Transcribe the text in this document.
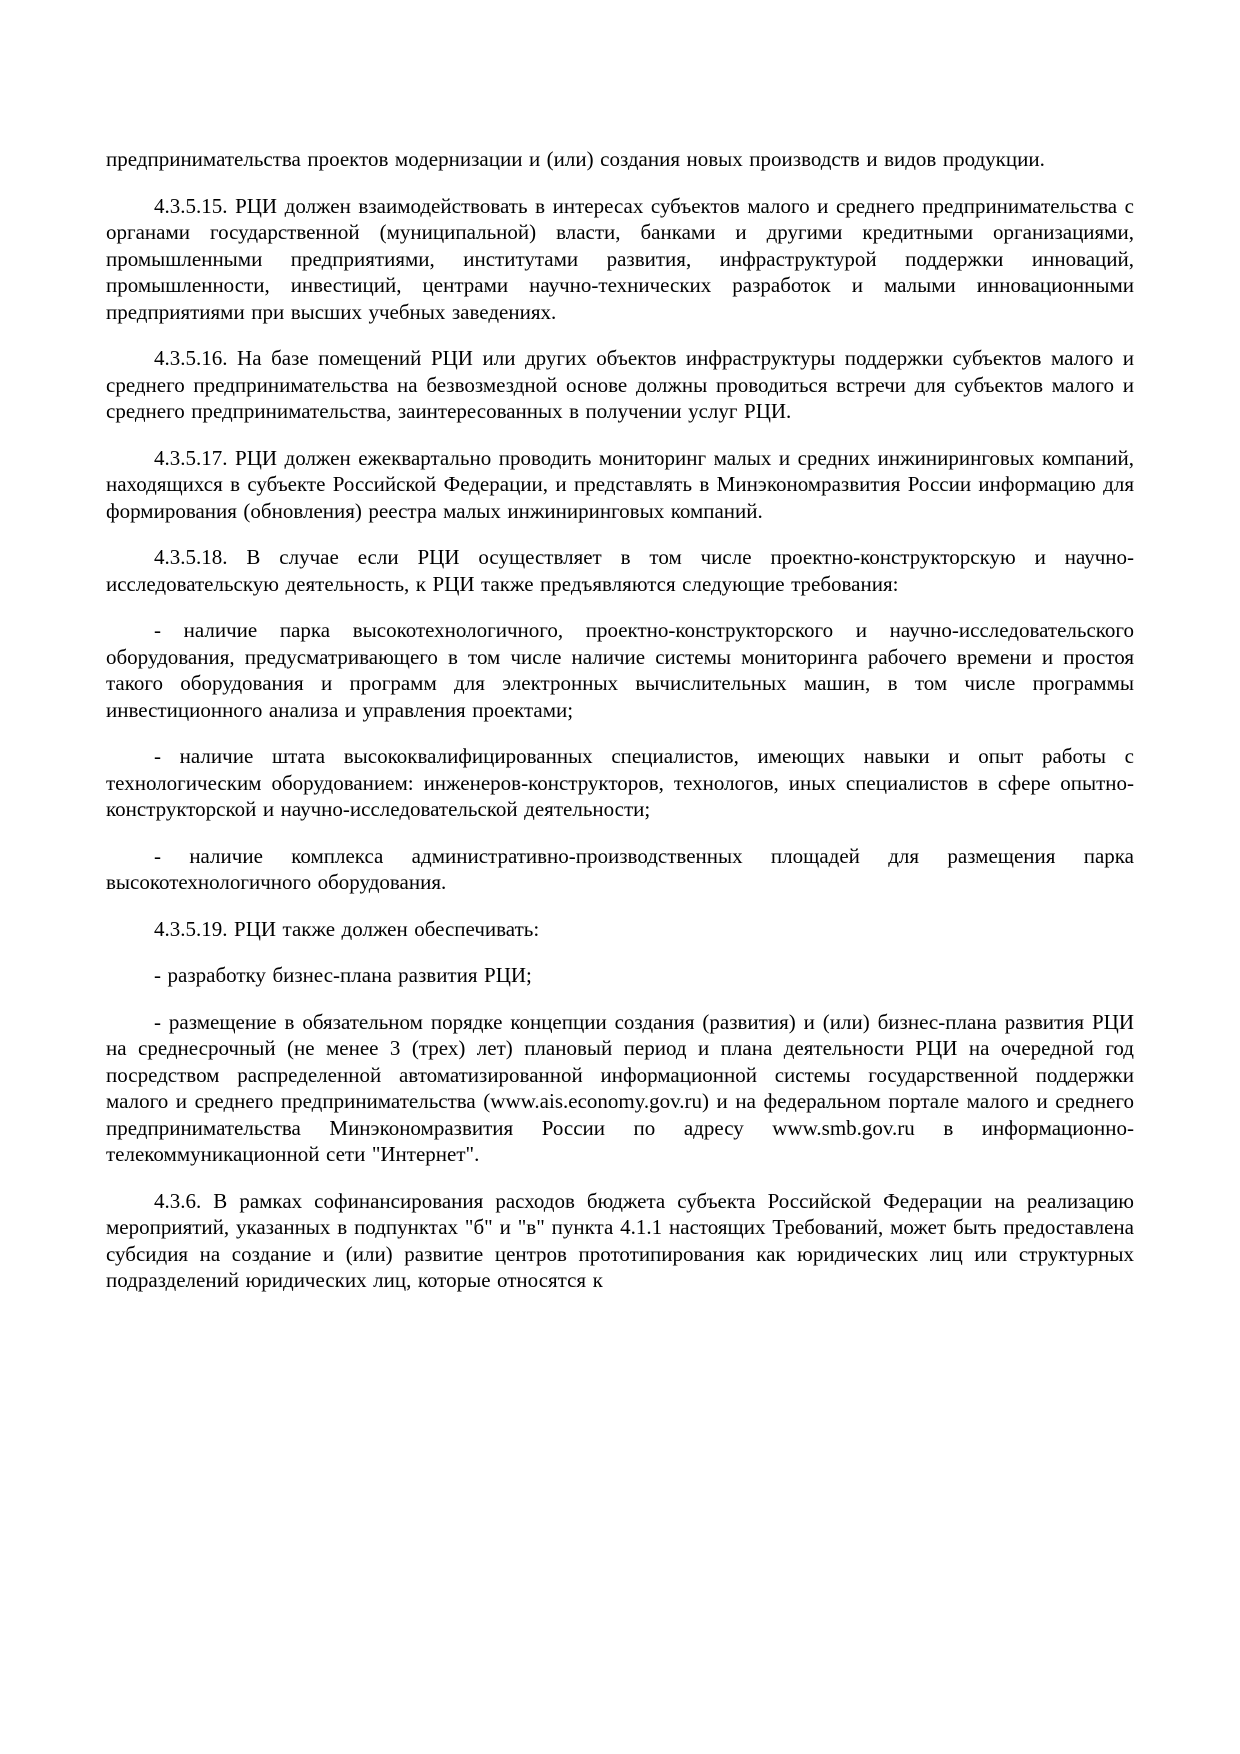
предпринимательства проектов модернизации и (или) создания новых производств и видов продукции.

4.3.5.15. РЦИ должен взаимодействовать в интересах субъектов малого и среднего предпринимательства с органами государственной (муниципальной) власти, банками и другими кредитными организациями, промышленными предприятиями, институтами развития, инфраструктурой поддержки инноваций, промышленности, инвестиций, центрами научно-технических разработок и малыми инновационными предприятиями при высших учебных заведениях.

4.3.5.16. На базе помещений РЦИ или других объектов инфраструктуры поддержки субъектов малого и среднего предпринимательства на безвозмездной основе должны проводиться встречи для субъектов малого и среднего предпринимательства, заинтересованных в получении услуг РЦИ.

4.3.5.17. РЦИ должен ежеквартально проводить мониторинг малых и средних инжиниринговых компаний, находящихся в субъекте Российской Федерации, и представлять в Минэкономразвития России информацию для формирования (обновления) реестра малых инжиниринговых компаний.

4.3.5.18. В случае если РЦИ осуществляет в том числе проектно-конструкторскую и научно-исследовательскую деятельность, к РЦИ также предъявляются следующие требования:

- наличие парка высокотехнологичного, проектно-конструкторского и научно-исследовательского оборудования, предусматривающего в том числе наличие системы мониторинга рабочего времени и простоя такого оборудования и программ для электронных вычислительных машин, в том числе программы инвестиционного анализа и управления проектами;

- наличие штата высококвалифицированных специалистов, имеющих навыки и опыт работы с технологическим оборудованием: инженеров-конструкторов, технологов, иных специалистов в сфере опытно-конструкторской и научно-исследовательской деятельности;

- наличие комплекса административно-производственных площадей для размещения парка высокотехнологичного оборудования.

4.3.5.19. РЦИ также должен обеспечивать:

- разработку бизнес-плана развития РЦИ;

- размещение в обязательном порядке концепции создания (развития) и (или) бизнес-плана развития РЦИ на среднесрочный (не менее 3 (трех) лет) плановый период и плана деятельности РЦИ на очередной год посредством распределенной автоматизированной информационной системы государственной поддержки малого и среднего предпринимательства (www.ais.economy.gov.ru) и на федеральном портале малого и среднего предпринимательства Минэкономразвития России по адресу www.smb.gov.ru в информационно-телекоммуникационной сети "Интернет".

4.3.6. В рамках софинансирования расходов бюджета субъекта Российской Федерации на реализацию мероприятий, указанных в подпунктах "б" и "в" пункта 4.1.1 настоящих Требований, может быть предоставлена субсидия на создание и (или) развитие центров прототипирования как юридических лиц или структурных подразделений юридических лиц, которые относятся к
